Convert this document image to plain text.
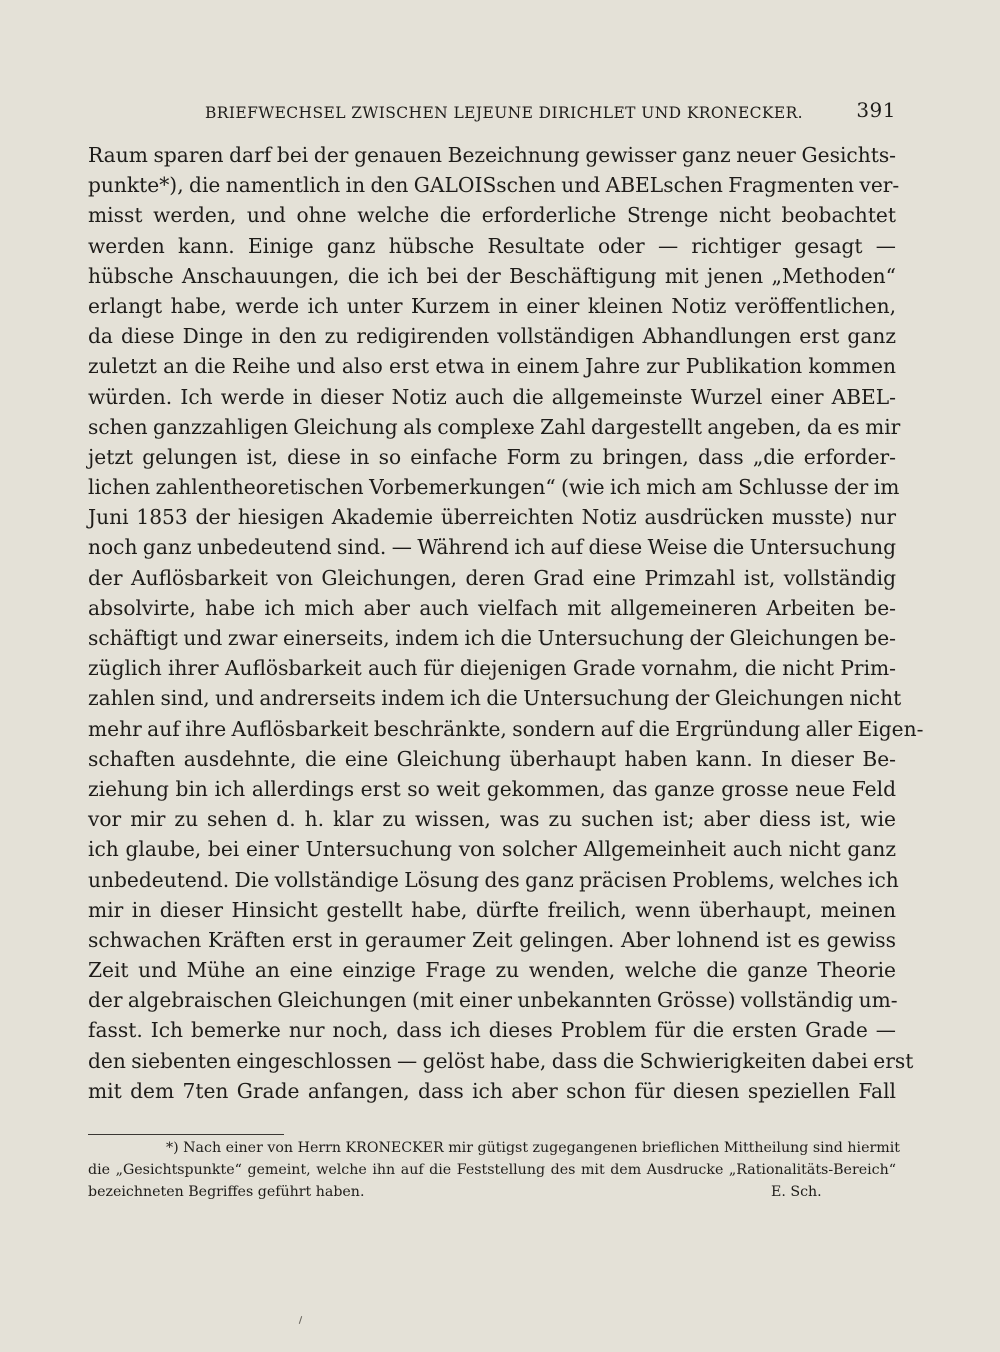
BRIEFWECHSEL ZWISCHEN LEJEUNE DIRICHLET UND KRONECKER.	391
Raum sparen darf bei der genauen Bezeichnung gewisser ganz neuer Gesichts-
punkte*), die namentlich in den GALOISschen und ABELschen Fragmenten ver-
misst werden, und ohne welche die erforderliche Strenge nicht beobachtet
werden kann. Einige ganz hübsche Resultate oder — richtiger gesagt —
hübsche Anschauungen, die ich bei der Beschäftigung mit jenen „Methoden“
erlangt habe, werde ich unter Kurzem in einer kleinen Notiz veröffentlichen,
da diese Dinge in den zu redigirenden vollständigen Abhandlungen erst ganz
zuletzt an die Reihe und also erst etwa in einem Jahre zur Publikation kommen
würden. Ich werde in dieser Notiz auch die allgemeinste Wurzel einer ABEL-
schen ganzzahligen Gleichung als complexe Zahl dargestellt angeben, da es mir
jetzt gelungen ist, diese in so einfache Form zu bringen, dass „die erforder-
lichen zahlentheoretischen Vorbemerkungen“ (wie ich mich am Schlusse der im
Juni 1853 der hiesigen Akademie überreichten Notiz ausdrücken musste) nur
noch ganz unbedeutend sind. — Während ich auf diese Weise die Untersuchung
der Auflösbarkeit von Gleichungen, deren Grad eine Primzahl ist, vollständig
absolvirte, habe ich mich aber auch vielfach mit allgemeineren Arbeiten be-
schäftigt und zwar einerseits, indem ich die Untersuchung der Gleichungen be-
züglich ihrer Auflösbarkeit auch für diejenigen Grade vornahm, die nicht Prim-
zahlen sind, und andrerseits indem ich die Untersuchung der Gleichungen nicht
mehr auf ihre Auflösbarkeit beschränkte, sondern auf die Ergründung aller Eigen-
schaften ausdehnte, die eine Gleichung überhaupt haben kann. In dieser Be-
ziehung bin ich allerdings erst so weit gekommen, das ganze grosse neue Feld
vor mir zu sehen d. h. klar zu wissen, was zu suchen ist; aber diess ist, wie
ich glaube, bei einer Untersuchung von solcher Allgemeinheit auch nicht ganz
unbedeutend. Die vollständige Lösung des ganz präcisen Problems, welches ich
mir in dieser Hinsicht gestellt habe, dürfte freilich, wenn überhaupt, meinen
schwachen Kräften erst in geraumer Zeit gelingen. Aber lohnend ist es gewiss
Zeit und Mühe an eine einzige Frage zu wenden, welche die ganze Theorie
der algebraischen Gleichungen (mit einer unbekannten Grösse) vollständig um-
fasst. Ich bemerke nur noch, dass ich dieses Problem für die ersten Grade —
den siebenten eingeschlossen — gelöst habe, dass die Schwierigkeiten dabei erst
mit dem 7ten Grade anfangen, dass ich aber schon für diesen speziellen Fall
*) Nach einer von Herrn KRONECKER mir gütigst zugegangenen brieflichen Mittheilung sind hiermit
die „Gesichtspunkte“ gemeint, welche ihn auf die Feststellung des mit dem Ausdrucke „Rationalitäts-Bereich“
bezeichneten Begriffes geführt haben.	E. Sch.
